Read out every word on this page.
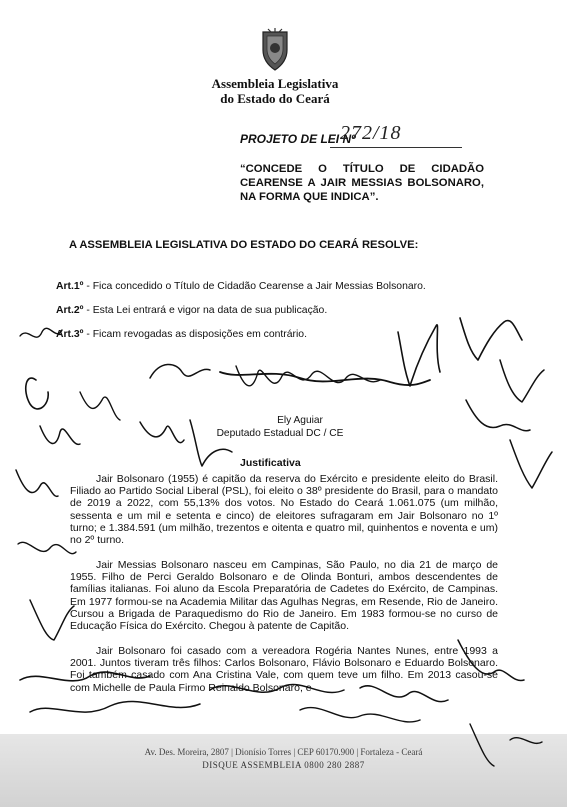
Assembleia Legislativa
do Estado do Ceará
PROJETO DE LEI Nº
272/18
“CONCEDE O TÍTULO DE CIDADÃO CEARENSE A JAIR MESSIAS BOLSONARO, NA FORMA QUE INDICA”.
A ASSEMBLEIA LEGISLATIVA DO ESTADO DO CEARÁ RESOLVE:
Art.1º - Fica concedido o Título de Cidadão Cearense a Jair Messias Bolsonaro.
Art.2º - Esta Lei entrará e vigor na data de sua publicação.
Art.3º - Ficam revogadas as disposições em contrário.
Ely Aguiar
Deputado Estadual DC / CE
Justificativa

Jair Bolsonaro (1955) é capitão da reserva do Exército e presidente eleito do Brasil. Filiado ao Partido Social Liberal (PSL), foi eleito o 38º presidente do Brasil, para o mandato de 2019 a 2022, com 55,13% dos votos. No Estado do Ceará 1.061.075 (um milhão, sessenta e um mil e setenta e cinco) de eleitores sufragaram em Jair Bolsonaro no 1º turno; e 1.384.591 (um milhão, trezentos e oitenta e quatro mil, quinhentos e noventa e um) no 2º turno.

Jair Messias Bolsonaro nasceu em Campinas, São Paulo, no dia 21 de março de 1955. Filho de Perci Geraldo Bolsonaro e de Olinda Bonturi, ambos descendentes de famílias italianas. Foi aluno da Escola Preparatória de Cadetes do Exército, de Campinas. Em 1977 formou-se na Academia Militar das Agulhas Negras, em Resende, Rio de Janeiro. Cursou a Brigada de Paraquedismo do Rio de Janeiro. Em 1983 formou-se no curso de Educação Física do Exército. Chegou à patente de Capitão.

Jair Bolsonaro foi casado com a vereadora Rogéria Nantes Nunes, entre 1993 a 2001. Juntos tiveram três filhos: Carlos Bolsonaro, Flávio Bolsonaro e Eduardo Bolsonaro. Foi também casado com Ana Cristina Vale, com quem teve um filho. Em 2013 casou-se com Michelle de Paula Firmo Reinaldo Bolsonaro, e

Av. Des. Moreira, 2807 | Dionísio Torres | CEP 60170.900 | Fortaleza - Ceará
DISQUE ASSEMBLEIA 0800 280 2887
